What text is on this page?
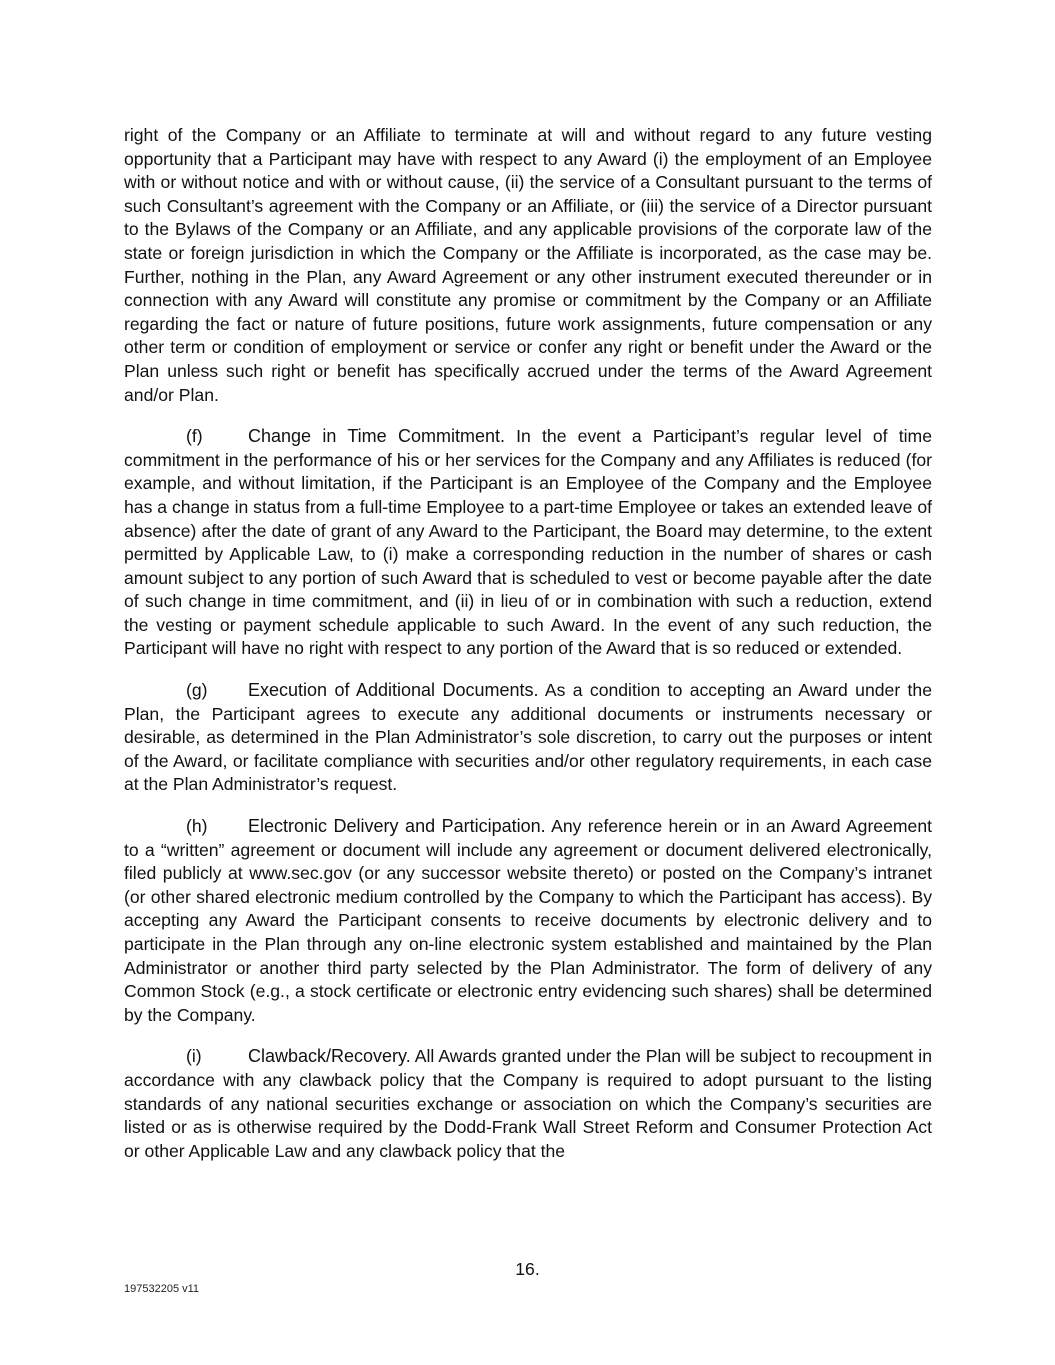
right of the Company or an Affiliate to terminate at will and without regard to any future vesting opportunity that a Participant may have with respect to any Award (i) the employment of an Employee with or without notice and with or without cause, (ii) the service of a Consultant pursuant to the terms of such Consultant’s agreement with the Company or an Affiliate, or (iii) the service of a Director pursuant to the Bylaws of the Company or an Affiliate, and any applicable provisions of the corporate law of the state or foreign jurisdiction in which the Company or the Affiliate is incorporated, as the case may be. Further, nothing in the Plan, any Award Agreement or any other instrument executed thereunder or in connection with any Award will constitute any promise or commitment by the Company or an Affiliate regarding the fact or nature of future positions, future work assignments, future compensation or any other term or condition of employment or service or confer any right or benefit under the Award or the Plan unless such right or benefit has specifically accrued under the terms of the Award Agreement and/or Plan.

(f)	Change in Time Commitment. In the event a Participant’s regular level of time commitment in the performance of his or her services for the Company and any Affiliates is reduced (for example, and without limitation, if the Participant is an Employee of the Company and the Employee has a change in status from a full-time Employee to a part-time Employee or takes an extended leave of absence) after the date of grant of any Award to the Participant, the Board may determine, to the extent permitted by Applicable Law, to (i) make a corresponding reduction in the number of shares or cash amount subject to any portion of such Award that is scheduled to vest or become payable after the date of such change in time commitment, and (ii) in lieu of or in combination with such a reduction, extend the vesting or payment schedule applicable to such Award. In the event of any such reduction, the Participant will have no right with respect to any portion of the Award that is so reduced or extended.

(g) Execution of Additional Documents. As a condition to accepting an Award under the Plan, the Participant agrees to execute any additional documents or instruments necessary or desirable, as determined in the Plan Administrator’s sole discretion, to carry out the purposes or intent of the Award, or facilitate compliance with securities and/or other regulatory requirements, in each case at the Plan Administrator’s request.

(h) Electronic Delivery and Participation. Any reference herein or in an Award Agreement to a “written” agreement or document will include any agreement or document delivered electronically, filed publicly at www.sec.gov (or any successor website thereto) or posted on the Company’s intranet (or other shared electronic medium controlled by the Company to which the Participant has access). By accepting any Award the Participant consents to receive documents by electronic delivery and to participate in the Plan through any on-line electronic system established and maintained by the Plan Administrator or another third party selected by the Plan Administrator. The form of delivery of any Common Stock (e.g., a stock certificate or electronic entry evidencing such shares) shall be determined by the Company.

(i)	Clawback/Recovery. All Awards granted under the Plan will be subject to recoupment in accordance with any clawback policy that the Company is required to adopt pursuant to the listing standards of any national securities exchange or association on which the Company’s securities are listed or as is otherwise required by the Dodd-Frank Wall Street Reform and Consumer Protection Act or other Applicable Law and any clawback policy that the

16.
197532205 v11
